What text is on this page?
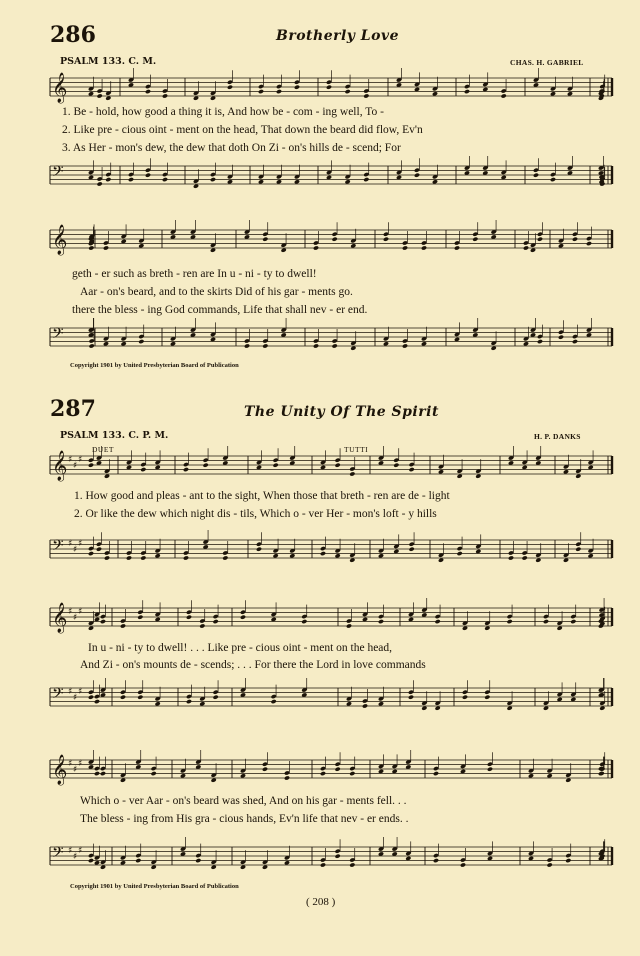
286	Brotherly Love
PSALM 133. C. M.	CHAS. H. GABRIEL
𝄞
𝄢
𝄞
𝄢
𝄞 ♯
♯
♯
𝄢 ♯
♯
♯
𝄞 ♯
♯
♯
𝄢 ♯
♯
♯
𝄞 ♯
♯
♯
𝄢 ♯
♯
♯
1. Be - hold, how good a thing it is, And how be - com - ing well, To -
2. Like pre - cious oint - ment on the head, That down the beard did flow, Ev'n
3. As Her - mon's dew, the dew that doth On Zi - on's hills de - scend; For
geth - er such as breth - ren are In u - ni - ty to dwell!
Aar - on's beard, and to the skirts Did of his gar - ments go.
there the bless - ing God commands, Life that shall nev - er end.
Copyright 1901 by United Presbyterian Board of Publication
287	The Unity Of The Spirit
PSALM 133. C. P. M.	H. P. DANKS
DUET	TUTTI
1. How good and pleas - ant to the sight, When those that breth - ren are de - light
2. Or like the dew which night dis - tils, Which o - ver Her - mon's loft - y hills
In u - ni - ty to dwell! . . . Like pre - cious oint - ment on the head,
And Zi - on's mounts de - scends; . . . For there the Lord in love commands
Which o - ver Aar - on's beard was shed, And on his gar - ments fell. . .
The bless - ing from His gra - cious hands, Ev'n life that nev - er ends. .
Copyright 1901 by United Presbyterian Board of Publication
( 208 )
